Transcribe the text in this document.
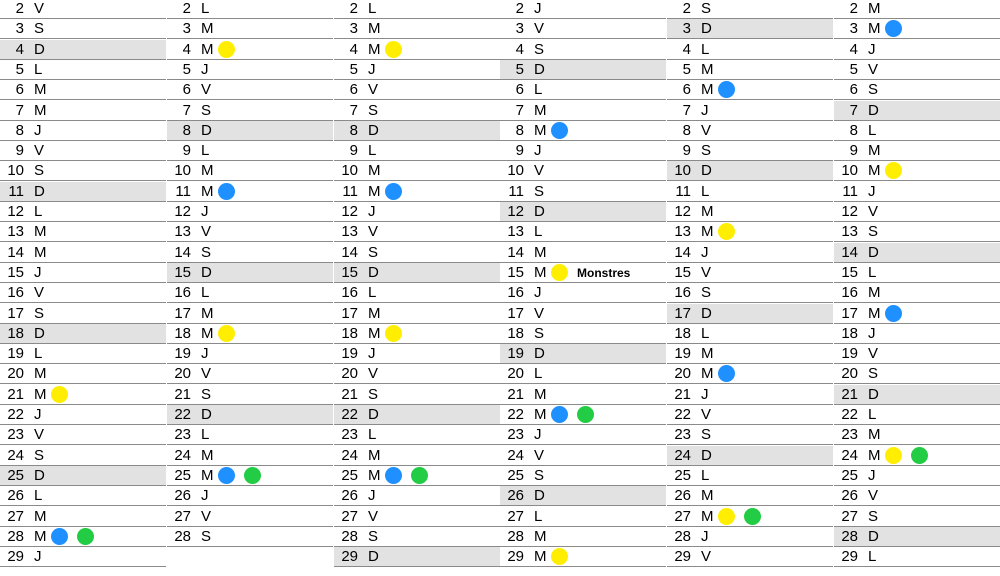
2 V
3 S
4 D
5 L
6 M
7 M
8 J
9 V
10 S
11 D
12 L
13 M
14 M
15 J
16 V
17 S
18 D
19 L
20 M
21 M
22 J
23 V
24 S
25 D
26 L
27 M
28 M
29 J
2 L
3 M
4 M
5 J
6 V
7 S
8 D
9 L
10 M
11 M
12 J
13 V
14 S
15 D
16 L
17 M
18 M
19 J
20 V
21 S
22 D
23 L
24 M
25 M
26 J
27 V
28 S
2 L
3 M
4 M
5 J
6 V
7 S
8 D
9 L
10 M
11 M
12 J
13 V
14 S
15 D
16 L
17 M
18 M
19 J
20 V
21 S
22 D
23 L
24 M
25 M
26 J
27 V
28 S
29 D
2 J
3 V
4 S
5 D
6 L
7 M
8 M
9 J
10 V
11 S
12 D
13 L
14 M
15 M	Monstres
16 J
17 V
18 S
19 D
20 L
21 M
22 M
23 J
24 V
25 S
26 D
27 L
28 M
29 M
2 S
3 D
4 L
5 M
6 M
7 J
8 V
9 S
10 D
11 L
12 M
13 M
14 J
15 V
16 S
17 D
18 L
19 M
20 M
21 J
22 V
23 S
24 D
25 L
26 M
27 M
28 J
29 V
2 M
3 M
4 J
5 V
6 S
7 D
8 L
9 M
10 M
11 J
12 V
13 S
14 D
15 L
16 M
17 M
18 J
19 V
20 S
21 D
22 L
23 M
24 M
25 J
26 V
27 S
28 D
29 L
